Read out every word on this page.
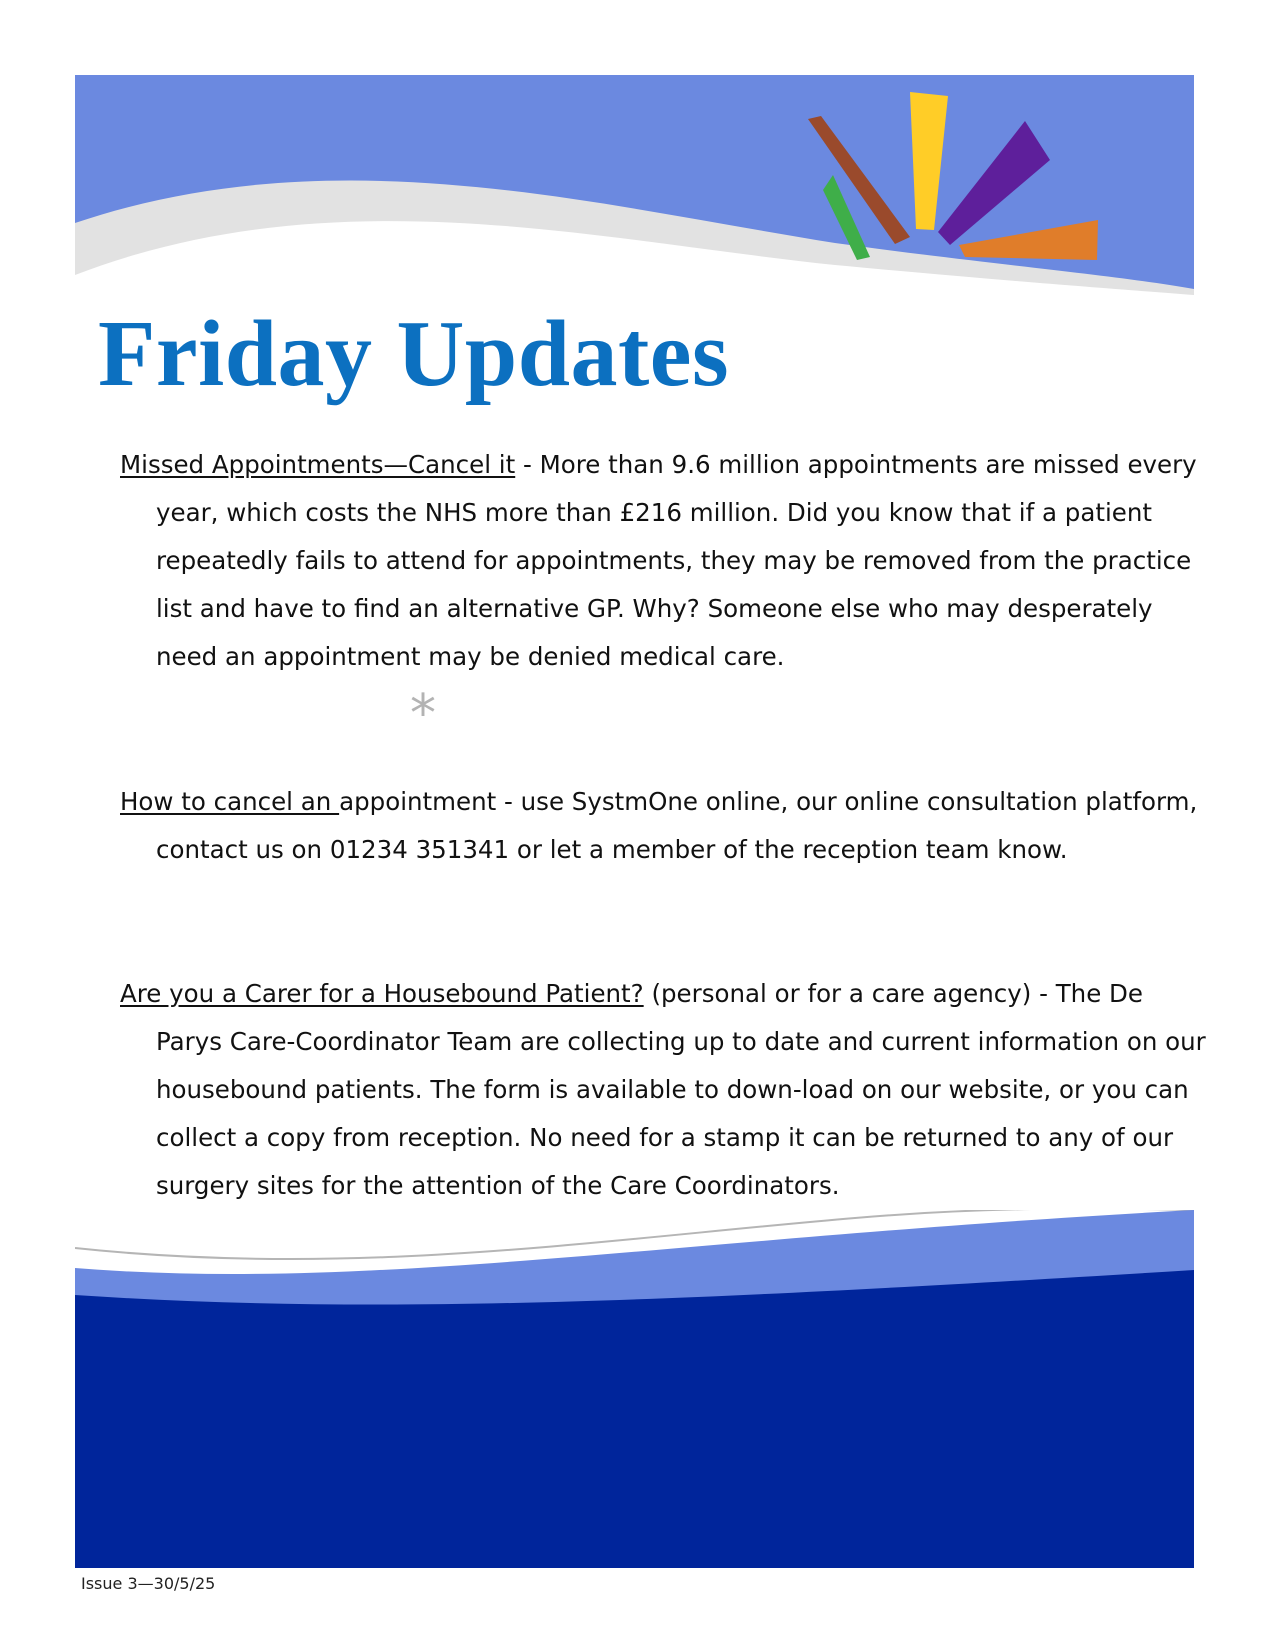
Friday Updates

Missed Appointments—Cancel it - More than 9.6 million appointments are missed every year, which costs the NHS more than £216 million. Did you know that if a patient repeatedly fails to attend for appointments, they may be removed from the practice list and have to find an alternative GP. Why? Someone else who may desperately need an appointment may be denied medical care.

*

How to cancel an appointment - use SystmOne online, our online consultation platform, contact us on 01234 351341 or let a member of the reception team know.

Are you a Carer for a Housebound Patient? (personal or for a care agency) - The De Parys Care-Coordinator Team are collecting up to date and current information on our housebound patients. The form is available to down-load on our website, or you can collect a copy from reception. No need for a stamp it can be returned to any of our surgery sites for the attention of the Care Coordinators.

Issue 3—30/5/25
